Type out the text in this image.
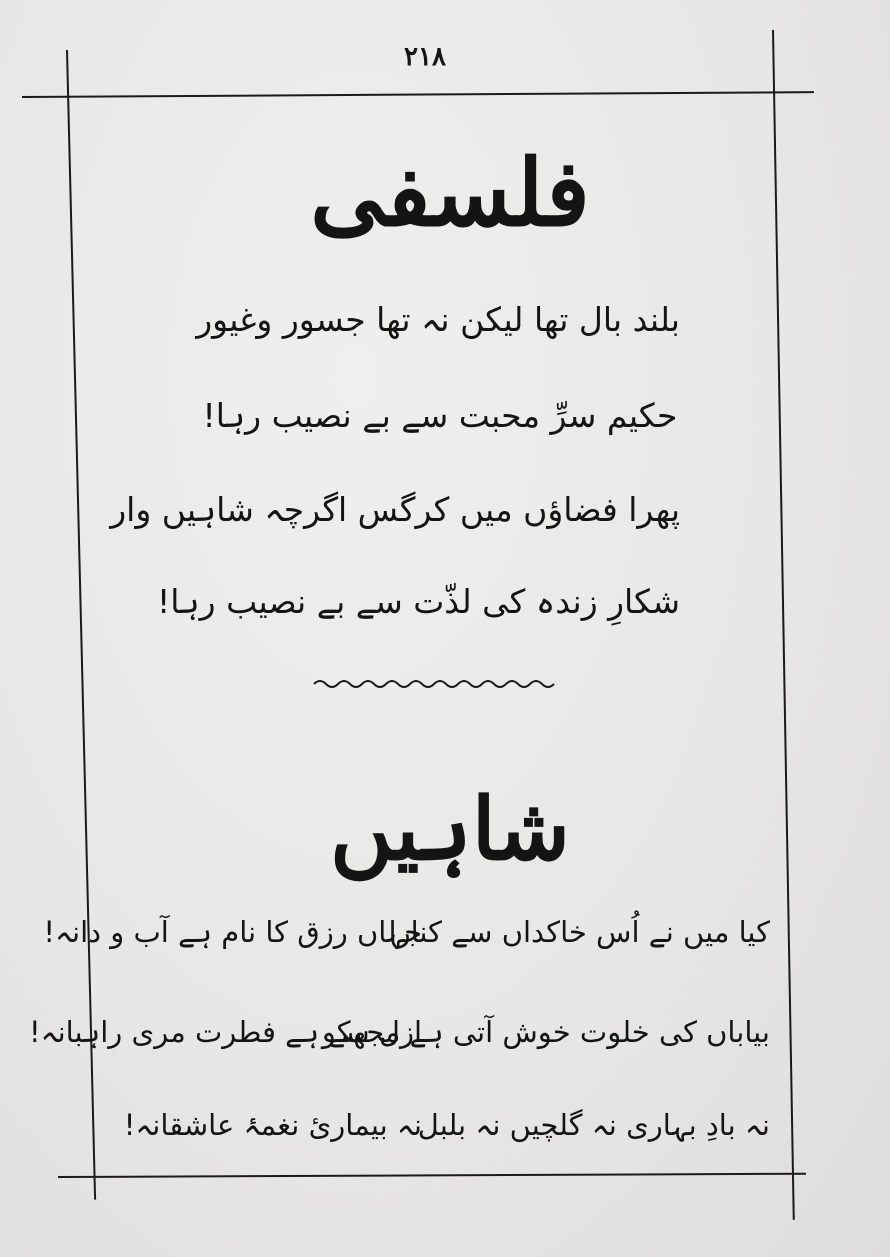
۲۱۸
فلسفی
بلند بال تھا لیکن نہ تھا جسور وغیور
حکیم سرِّ محبت سے بے نصیب رہا!
پھرا فضاؤں میں کرگس اگرچہ شاہیں وار
شکارِ زندہ کی لذّت سے بے نصیب رہا!
شاہیں
کیا میں نے اُس خاکداں سے کنارا
جہاں رزق کا نام ہے آب و دانہ!
بیاباں کی خلوت خوش آتی ہے مجھکو
ازل سے ہے فطرت مری راہبانہ!
نہ بادِ بہاری نہ گلچیں نہ بلبل
نہ بیماریٔ نغمۂ عاشقانہ!
